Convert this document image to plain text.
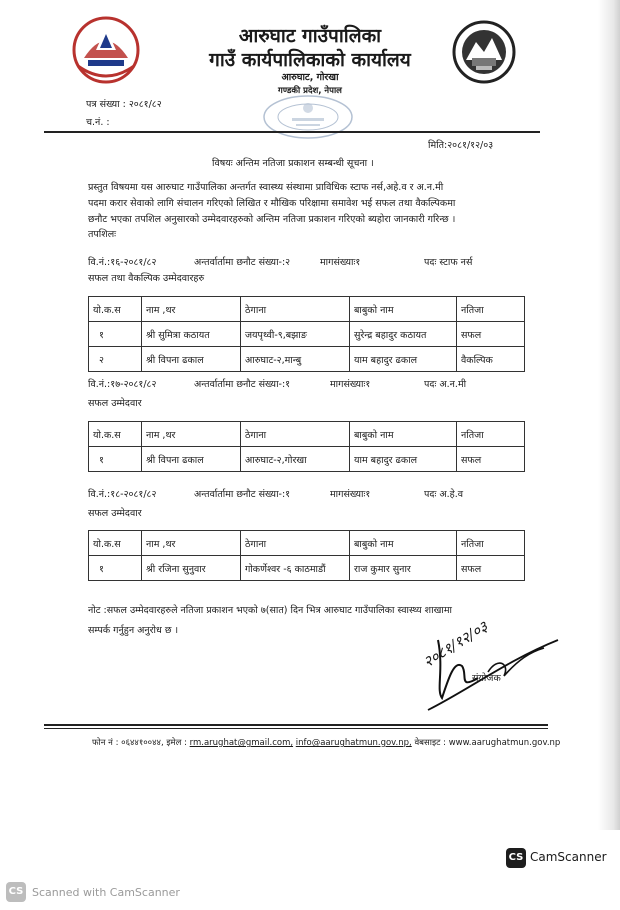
आरुघाट गाउँपालिका
गाउँ कार्यपालिकाको कार्यालय
आरुघाट, गोरखा
गण्डकी प्रदेश, नेपाल
पत्र संख्या : २०८१/८२
च.नं. :
मिति:२०८१/१२/०३
विषयः अन्तिम नतिजा प्रकाशन सम्बन्धी सूचना ।
प्रस्तुत विषयमा यस आरुघाट गाउँपालिका अन्तर्गत स्वास्थ्य संस्थामा प्राविधिक स्टाफ नर्स,अहे.व र अ.न.मी
पदमा करार सेवाको लागि संचालन गरिएको लिखित र मौखिक परिक्षामा समावेश भई सफल तथा वैकल्पिकमा
छनौट भएका तपशिल अनुसारको उम्मेदवारहरुको अन्तिम नतिजा प्रकाशन गरिएको ब्यहोरा जानकारी गरिन्छ ।
तपशिलः
वि.नं.:१६-२०८१/८२	अन्तर्वार्तामा छनौट संख्या-:२	मागसंख्याः१	पदः स्टाफ नर्स
सफल तथा वैकल्पिक उम्मेदवारहरु
यो.क.स	नाम ,थर	ठेगाना	बाबुको नाम	नतिजा
१	श्री सुमित्रा कठायत	जयपृथ्वी-९,बझाङ	सुरेन्द्र बहादुर कठायत	सफल
२	श्री विपना ढकाल	आरुघाट-२,मान्बु	याम बहादुर ढकाल	वैकल्पिक
वि.नं.:१७-२०८१/८२	अन्तर्वार्तामा छनौट संख्या-:१	मागसंख्याः१	पदः अ.न.मी
सफल उम्मेदवार
यो.क.स	नाम ,थर	ठेगाना	बाबुको नाम	नतिजा
१	श्री विपना ढकाल	आरुघाट-२,गोरखा	याम बहादुर ढकाल	सफल
वि.नं.:१८-२०८१/८२	अन्तर्वार्तामा छनौट संख्या-:१	मागसंख्याः१	पदः अ.हे.व
सफल उम्मेदवार
यो.क.स	नाम ,थर	ठेगाना	बाबुको नाम	नतिजा
१	श्री रजिना सुनुवार	गोकर्णेश्वर -६ काठमाडौं	राज कुमार सुनार	सफल
नोट :सफल उम्मेदवारहरुले नतिजा प्रकाशन भएको ७(सात) दिन भित्र आरुघाट गाउँपालिका स्वास्थ्य शाखामा
सम्पर्क गर्नुहुन अनुरोध छ ।
संयोजक
२०८१/१२/०३
फोन नं : ०६४४१००४४, इमेल : rm.arughat@gmail.com, info@aarughatmun.gov.np, वेबसाइट : www.aarughatmun.gov.np
CS CamScanner
CS Scanned with CamScanner
